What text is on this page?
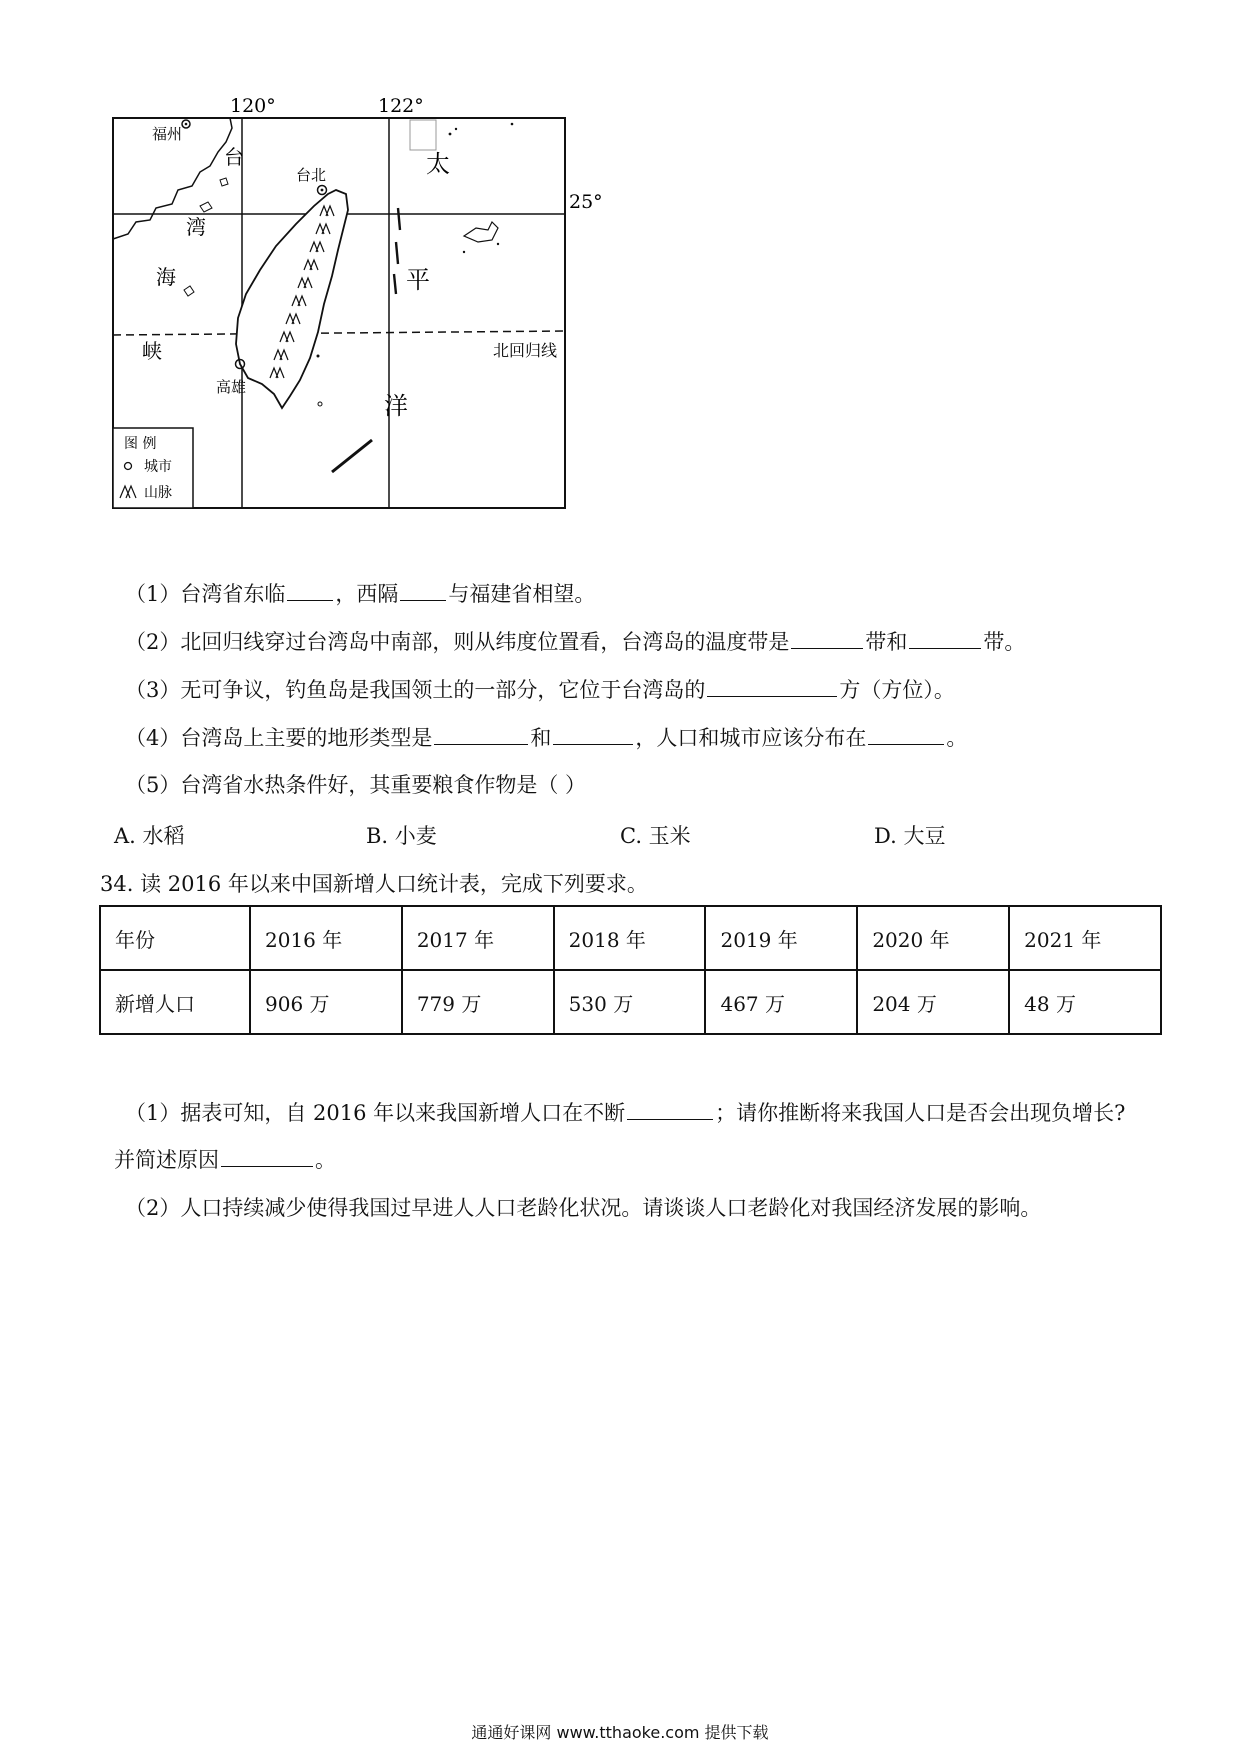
120°	122°
25°
北回归线
福州
台北
高雄
台
湾
海
峡
太
平
洋
图 例
城市
山脉
（1）台湾省东临 ，西隔 与福建省相望。
（2）北回归线穿过台湾岛中南部，则从纬度位置看，台湾岛的温度带是	带和	带。
（3）无可争议，钓鱼岛是我国领土的一部分，它位于台湾岛的	方（方位）。
（4）台湾岛上主要的地形类型是	和	，人口和城市应该分布在	。
（5）台湾省水热条件好，其重要粮食作物是（ ）
A. 水稻	B. 小麦	C. 玉米	D. 大豆
34. 读 2016 年以来中国新增人口统计表，完成下列要求。
年份	2016 年	2017 年	2018 年	2019 年	2020 年	2021 年
新增人口	906 万	779 万	530 万	467 万	204 万	48 万
（1）据表可知，自 2016 年以来我国新增人口在不断	；请你推断将来我国人口是否会出现负增长?
并简述原因	。
（2）人口持续减少使得我国过早进人人口老龄化状况。请谈谈人口老龄化对我国经济发展的影响。
通通好课网 www.tthaoke.com 提供下载
